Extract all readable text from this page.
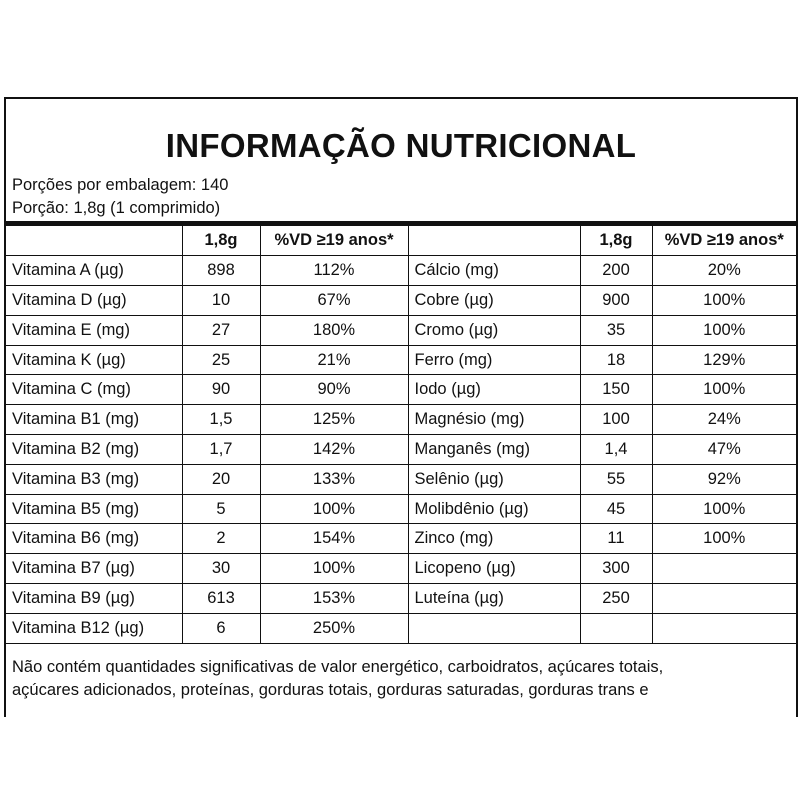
INFORMAÇÃO NUTRICIONAL
Porções por embalagem: 140
Porção: 1,8g (1 comprimido)
	1,8g	%VD ≥19 anos*		1,8g	%VD ≥19 anos*
Vitamina A (µg)	898	112%	Cálcio (mg)	200	20%
Vitamina D (µg)	10	67%	Cobre (µg)	900	100%
Vitamina E (mg)	27	180%	Cromo (µg)	35	100%
Vitamina K (µg)	25	21%	Ferro (mg)	18	129%
Vitamina C (mg)	90	90%	Iodo (µg)	150	100%
Vitamina B1 (mg)	1,5	125%	Magnésio (mg)	100	24%
Vitamina B2 (mg)	1,7	142%	Manganês (mg)	1,4	47%
Vitamina B3 (mg)	20	133%	Selênio (µg)	55	92%
Vitamina B5 (mg)	5	100%	Molibdênio (µg)	45	100%
Vitamina B6 (mg)	2	154%	Zinco (mg)	11	100%
Vitamina B7 (µg)	30	100%	Licopeno (µg)	300	
Vitamina B9 (µg)	613	153%	Luteína (µg)	250	
Vitamina B12 (µg)	6	250%			
Não contém quantidades significativas de valor energético, carboidratos, açúcares totais,
açúcares adicionados, proteínas, gorduras totais, gorduras saturadas, gorduras trans e
